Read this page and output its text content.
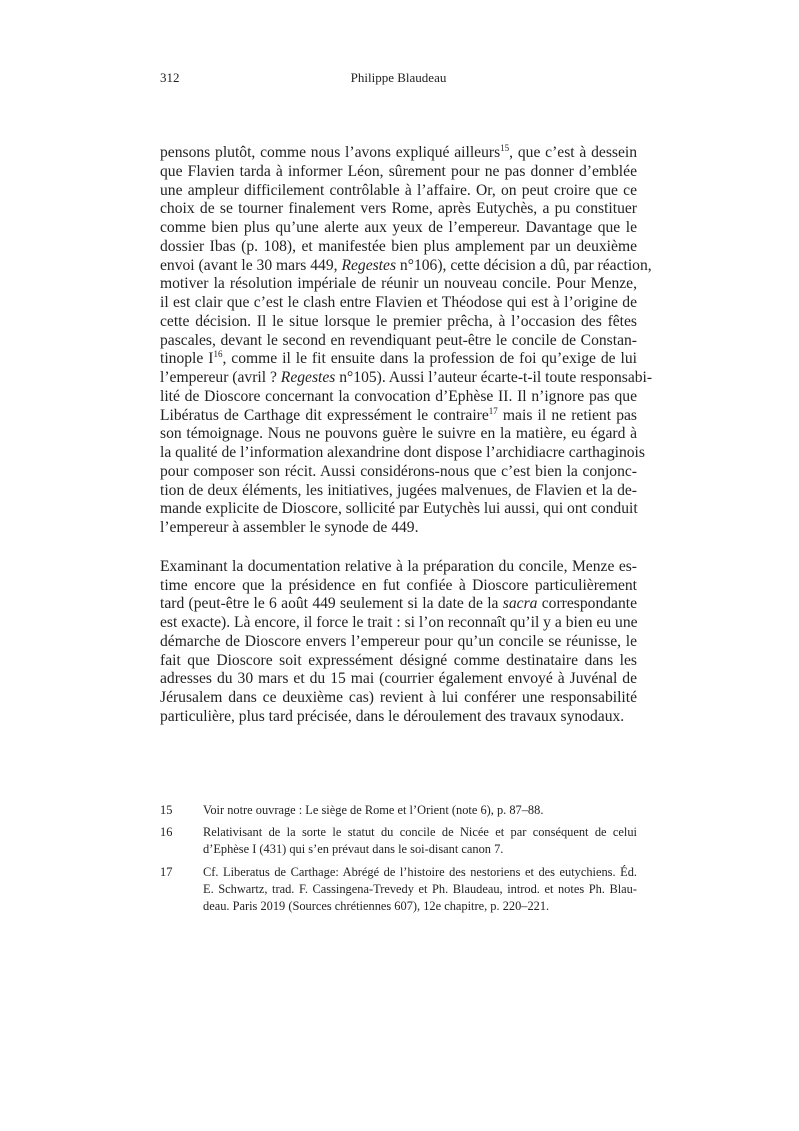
312	Philippe Blaudeau
pensons plutôt, comme nous l’avons expliqué ailleurs$^{15}$, que c’est à dessein
que Flavien tarda à informer Léon, sûrement pour ne pas donner d’emblée
une ampleur difficilement contrôlable à l’affaire. Or, on peut croire que ce
choix de se tourner finalement vers Rome, après Eutychès, a pu constituer
comme bien plus qu’une alerte aux yeux de l’empereur. Davantage que le
dossier Ibas (p. 108), et manifestée bien plus amplement par un deuxième
envoi (avant le 30 mars 449, Regestes n°106), cette décision a dû, par réaction,
motiver la résolution impériale de réunir un nouveau concile. Pour Menze,
il est clair que c’est le clash entre Flavien et Théodose qui est à l’origine de
cette décision. Il le situe lorsque le premier prêcha, à l’occasion des fêtes
pascales, devant le second en revendiquant peut-être le concile de Constan-
tinople $I^{16}$, comme il le fit ensuite dans la profession de foi qu’exige de lui
l’empereur (avril ? Regestes n°105). Aussi l’auteur écarte-t-il toute responsabi-
lité de Dioscore concernant la convocation d’Ephèse II. Il n’ignore pas que
Libératus de Carthage dit expressément le contraire$^{17}$ mais il ne retient pas
son témoignage. Nous ne pouvons guère le suivre en la matière, eu égard à
la qualité de l’information alexandrine dont dispose l’archidiacre carthaginois
pour composer son récit. Aussi considérons-nous que c’est bien la conjonc-
tion de deux éléments, les initiatives, jugées malvenues, de Flavien et la de-
mande explicite de Dioscore, sollicité par Eutychès lui aussi, qui ont conduit
l’empereur à assembler le synode de 449.
Examinant la documentation relative à la préparation du concile, Menze es-
time encore que la présidence en fut confiée à Dioscore particulièrement
tard (peut-être le 6 août 449 seulement si la date de la sacra correspondante
est exacte). Là encore, il force le trait : si l’on reconnaît qu’il y a bien eu une
démarche de Dioscore envers l’empereur pour qu’un concile se réunisse, le
fait que Dioscore soit expressément désigné comme destinataire dans les
adresses du 30 mars et du 15 mai (courrier également envoyé à Juvénal de
Jérusalem dans ce deuxième cas) revient à lui conférer une responsabilité
particulière, plus tard précisée, dans le déroulement des travaux synodaux.
15	Voir notre ouvrage : Le siège de Rome et l’Orient (note 6), p. 87–88.
16	Relativisant de la sorte le statut du concile de Nicée et par conséquent de celui
d’Ephèse I (431) qui s’en prévaut dans le soi-disant canon 7.
17	Cf. Liberatus de Carthage: Abrégé de l’histoire des nestoriens et des eutychiens. Éd.
E. Schwartz, trad. F. Cassingena-Trevedy et Ph. Blaudeau, introd. et notes Ph. Blau-
deau. Paris 2019 (Sources chrétiennes 607), 12e chapitre, p. 220–221.
